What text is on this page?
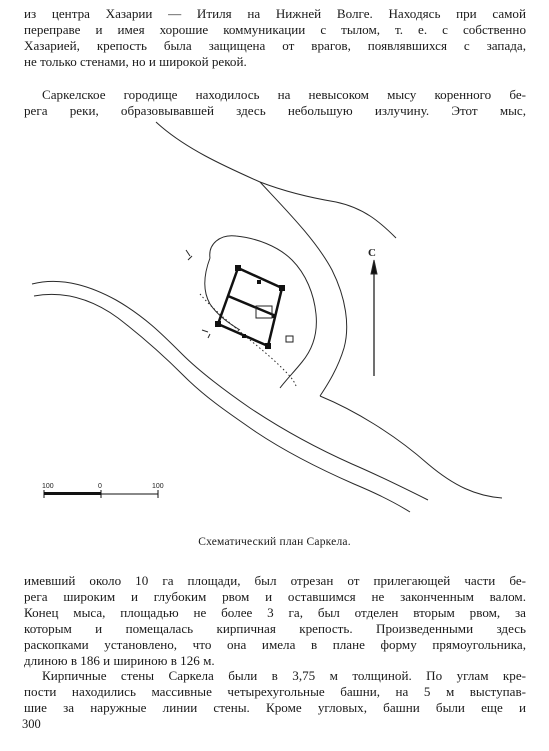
из центра Хазарии — Итиля на Нижней Волге. Находясь при самой
переправе и имея хорошие коммуникации с тылом, т. е. с собственно
Хазарией, крепость была защищена от врагов, появлявшихся с запада,
не только стенами, но и широкой рекой.
Саркелское городище находилось на невысоком мысу коренного бе-
рега реки, образовывавшей здесь небольшую излучину. Этот мыс,
С
100	0	100
Схематический план Саркела.
имевший около 10 га площади, был отрезан от прилегающей части бе-
рега широким и глубоким рвом и оставшимся не законченным валом.
Конец мыса, площадью не более 3 га, был отделен вторым рвом, за
которым и помещалась кирпичная крепость. Произведенными здесь
раскопками установлено, что она имела в плане форму прямоугольника,
длиною в 186 и шириною в 126 м.
Кирпичные стены Саркела были в 3,75 м толщиной. По углам кре-
пости находились массивные четырехугольные башни, на 5 м выступав-
шие за наружные линии стены. Кроме угловых, башни были еще и
300
